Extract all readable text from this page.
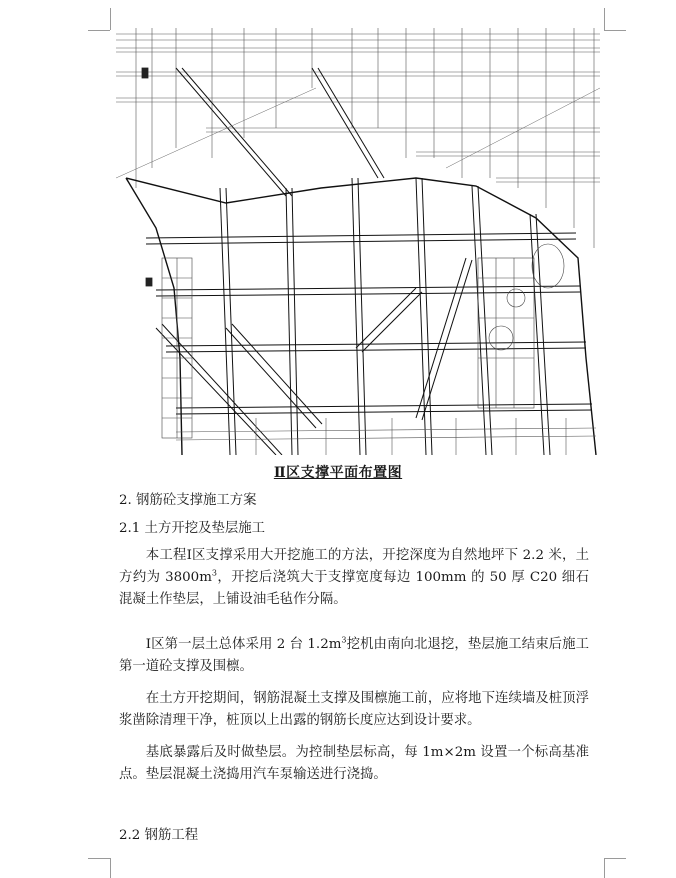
Ⅱ区支撑平面布置图
2. 钢筋砼支撑施工方案
2.1 土方开挖及垫层施工

本工程Ⅰ区支撑采用大开挖施工的方法，开挖深度为自然地坪下 2.2 米，土方约为 $3800m^3$，开挖后浇筑大于支撑宽度每边 100mm 的 50 厚 C20 细石混凝土作垫层，上铺设油毛毡作分隔。

Ⅰ区第一层土总体采用 2 台 $1.2m^3$挖机由南向北退挖，垫层施工结束后施工第一道砼支撑及围檩。

在土方开挖期间，钢筋混凝土支撑及围檩施工前，应将地下连续墙及桩顶浮浆凿除清理干净，桩顶以上出露的钢筋长度应达到设计要求。

基底暴露后及时做垫层。为控制垫层标高，每 1m×2m 设置一个标高基准点。垫层混凝土浇捣用汽车泵输送进行浇捣。

2.2 钢筋工程
